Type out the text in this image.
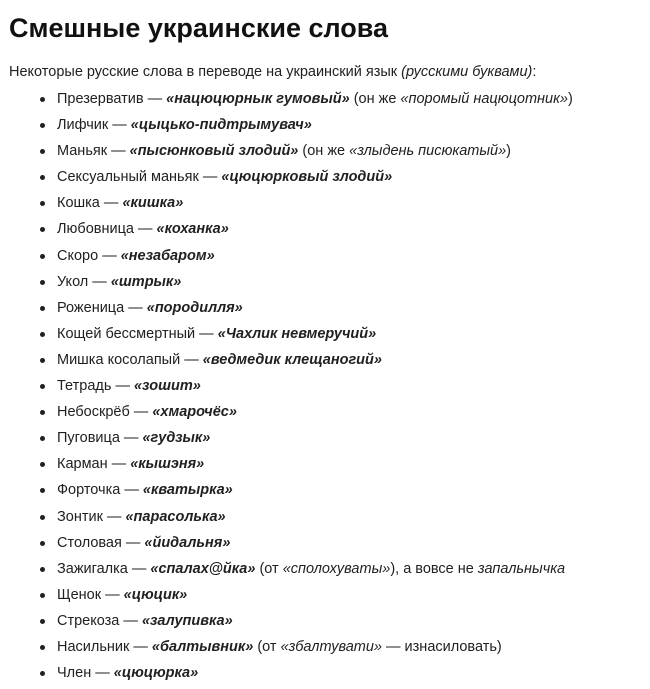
Смешные украинские слова
Некоторые русские слова в переводе на украинский язык (русскими буквами):
Презерватив — «нацюцюрнык гумовый» (он же «поромый нацюцотник»)
Лифчик — «цыцько-пидтрымувач»
Маньяк — «пысюнковый злодий» (он же «злыдень писюкатый»)
Сексуальный маньяк — «цюцюрковый злодий»
Кошка — «кишка»
Любовница — «коханка»
Скоро — «незабаром»
Укол — «штрык»
Роженица — «породилля»
Кощей бессмертный — «Чахлик невмеручий»
Мишка косолапый — «ведмедик клещаногий»
Тетрадь — «зошит»
Небоскрёб — «хмарочёс»
Пуговица — «гудзык»
Карман — «кышэня»
Форточка — «кватырка»
Зонтик — «парасолька»
Столовая — «йидальня»
Зажигалка — «спалах@йка» (от «сполохуваты»), а вовсе не запальнычка
Щенок — «цюцик»
Стрекоза — «залупивка»
Насильник — «балтывник» (от «збалтувати» — изнасиловать)
Член — «цюцюрка»
